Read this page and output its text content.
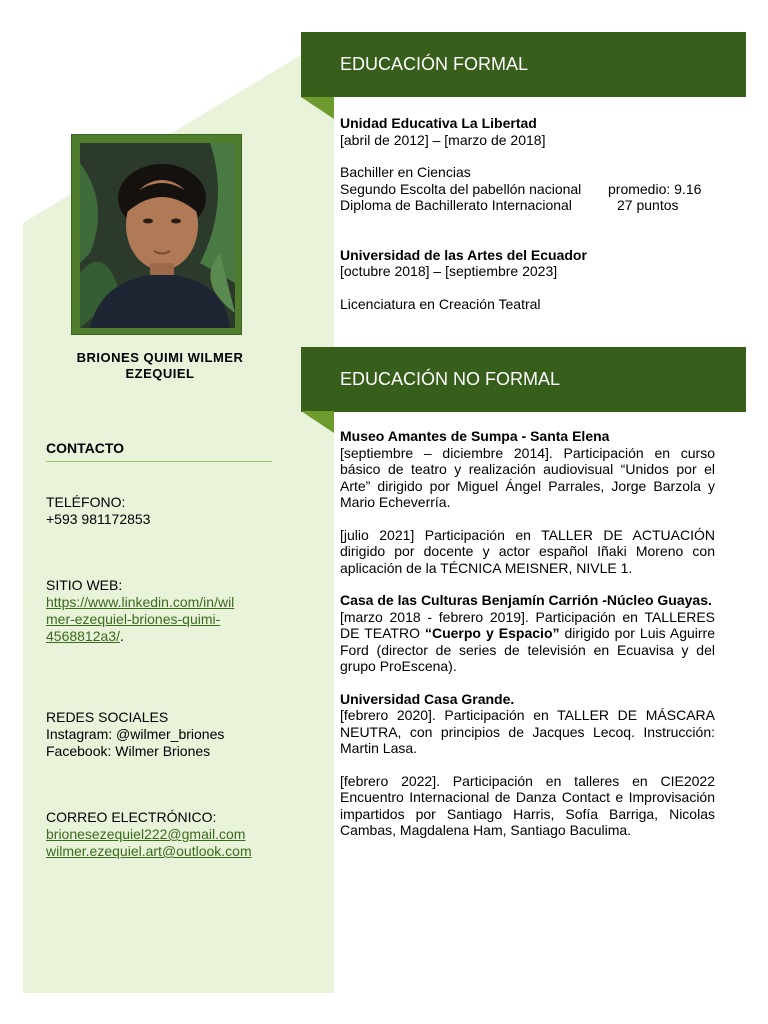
BRIONES QUIMI WILMER
EZEQUIEL
CONTACTO
TELÉFONO:
+593 981172853
SITIO WEB:
https://www.linkedin.com/in/wil
mer-ezequiel-briones-quimi-
4568812a3/.
REDES SOCIALES
Instagram: @wilmer_briones
Facebook: Wilmer Briones
CORREO ELECTRÓNICO:
brionesezequiel222@gmail.com
wilmer.ezequiel.art@outlook.com
EDUCACIÓN FORMAL
Unidad Educativa La Libertad
[abril de 2012] – [marzo de 2018]
Bachiller en Ciencias
Segundo Escolta del pabellón nacional promedio: 9.16
Diploma de Bachillerato Internacional	27 puntos
Universidad de las Artes del Ecuador
[octubre 2018] – [septiembre 2023]
Licenciatura en Creación Teatral
EDUCACIÓN NO FORMAL
Museo Amantes de Sumpa - Santa Elena
[septiembre – diciembre 2014]. Participación en curso básico de teatro y realización audiovisual “Unidos por el Arte” dirigido por Miguel Ángel Parrales, Jorge Barzola y Mario Echeverría.
[julio 2021] Participación en TALLER DE ACTUACIÓN dirigido por docente y actor español Iñaki Moreno con aplicación de la TÉCNICA MEISNER, NIVLE 1.
Casa de las Culturas Benjamín Carrión -Núcleo Guayas.
[marzo 2018 - febrero 2019]. Participación en TALLERES DE TEATRO “Cuerpo y Espacio” dirigido por Luis Aguirre Ford (director de series de televisión en Ecuavisa y del grupo ProEscena).
Universidad Casa Grande.
[febrero 2020]. Participación en TALLER DE MÁSCARA NEUTRA, con principios de Jacques Lecoq. Instrucción: Martin Lasa.
[febrero 2022]. Participación en talleres en CIE2022 Encuentro Internacional de Danza Contact e Improvisación impartidos por Santiago Harris, Sofía Barriga, Nicolas Cambas, Magdalena Ham, Santiago Baculima.
